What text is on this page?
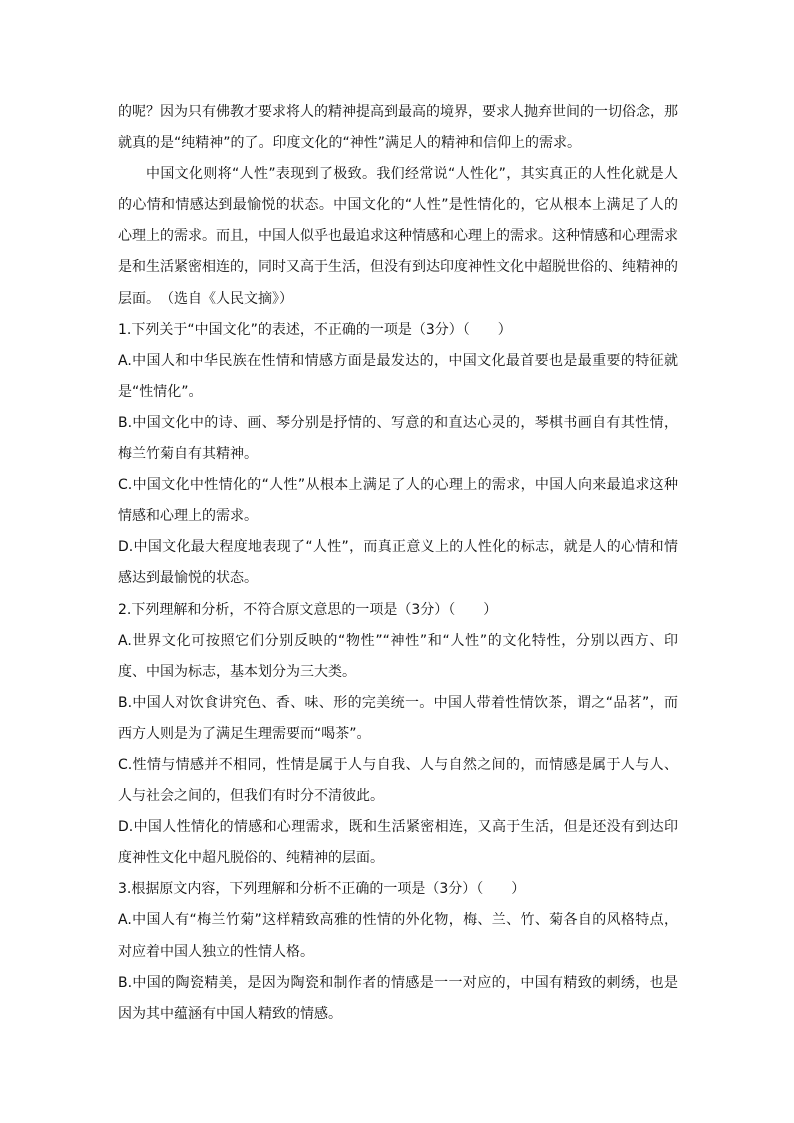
的呢？因为只有佛教才要求将人的精神提高到最高的境界，要求人抛弃世间的一切俗念，那就真的是“纯精神”的了。印度文化的“神性”满足人的精神和信仰上的需求。

中国文化则将“人性”表现到了极致。我们经常说“人性化”，其实真正的人性化就是人的心情和情感达到最愉悦的状态。中国文化的“人性”是性情化的，它从根本上满足了人的心理上的需求。而且，中国人似乎也最追求这种情感和心理上的需求。这种情感和心理需求是和生活紧密相连的，同时又高于生活，但没有到达印度神性文化中超脱世俗的、纯精神的层面。　（选自《人民文摘》）

1.下列关于“中国文化”的表述，不正确的一项是（3分）（　　）

A.中国人和中华民族在性情和情感方面是最发达的，中国文化最首要也是最重要的特征就是“性情化”。

B.中国文化中的诗、画、琴分别是抒情的、写意的和直达心灵的，琴棋书画自有其性情，梅兰竹菊自有其精神。

C.中国文化中性情化的“人性”从根本上满足了人的心理上的需求，中国人向来最追求这种情感和心理上的需求。

D.中国文化最大程度地表现了“人性”，而真正意义上的人性化的标志，就是人的心情和情感达到最愉悦的状态。

2.下列理解和分析，不符合原文意思的一项是（3分）（　　）

A.世界文化可按照它们分别反映的“物性”“神性”和“人性”的文化特性，分别以西方、印度、中国为标志，基本划分为三大类。

B.中国人对饮食讲究色、香、味、形的完美统一。中国人带着性情饮茶，谓之“品茗”，而西方人则是为了满足生理需要而“喝茶”。

C.性情与情感并不相同，性情是属于人与自我、人与自然之间的，而情感是属于人与人、人与社会之间的，但我们有时分不清彼此。

D.中国人性情化的情感和心理需求，既和生活紧密相连，又高于生活，但是还没有到达印度神性文化中超凡脱俗的、纯精神的层面。

3.根据原文内容，下列理解和分析不正确的一项是（3分）（　　）

A.中国人有“梅兰竹菊”这样精致高雅的性情的外化物，梅、兰、竹、菊各自的风格特点，对应着中国人独立的性情人格。

B.中国的陶瓷精美，是因为陶瓷和制作者的情感是一一对应的，中国有精致的刺绣，也是因为其中蕴涵有中国人精致的情感。
